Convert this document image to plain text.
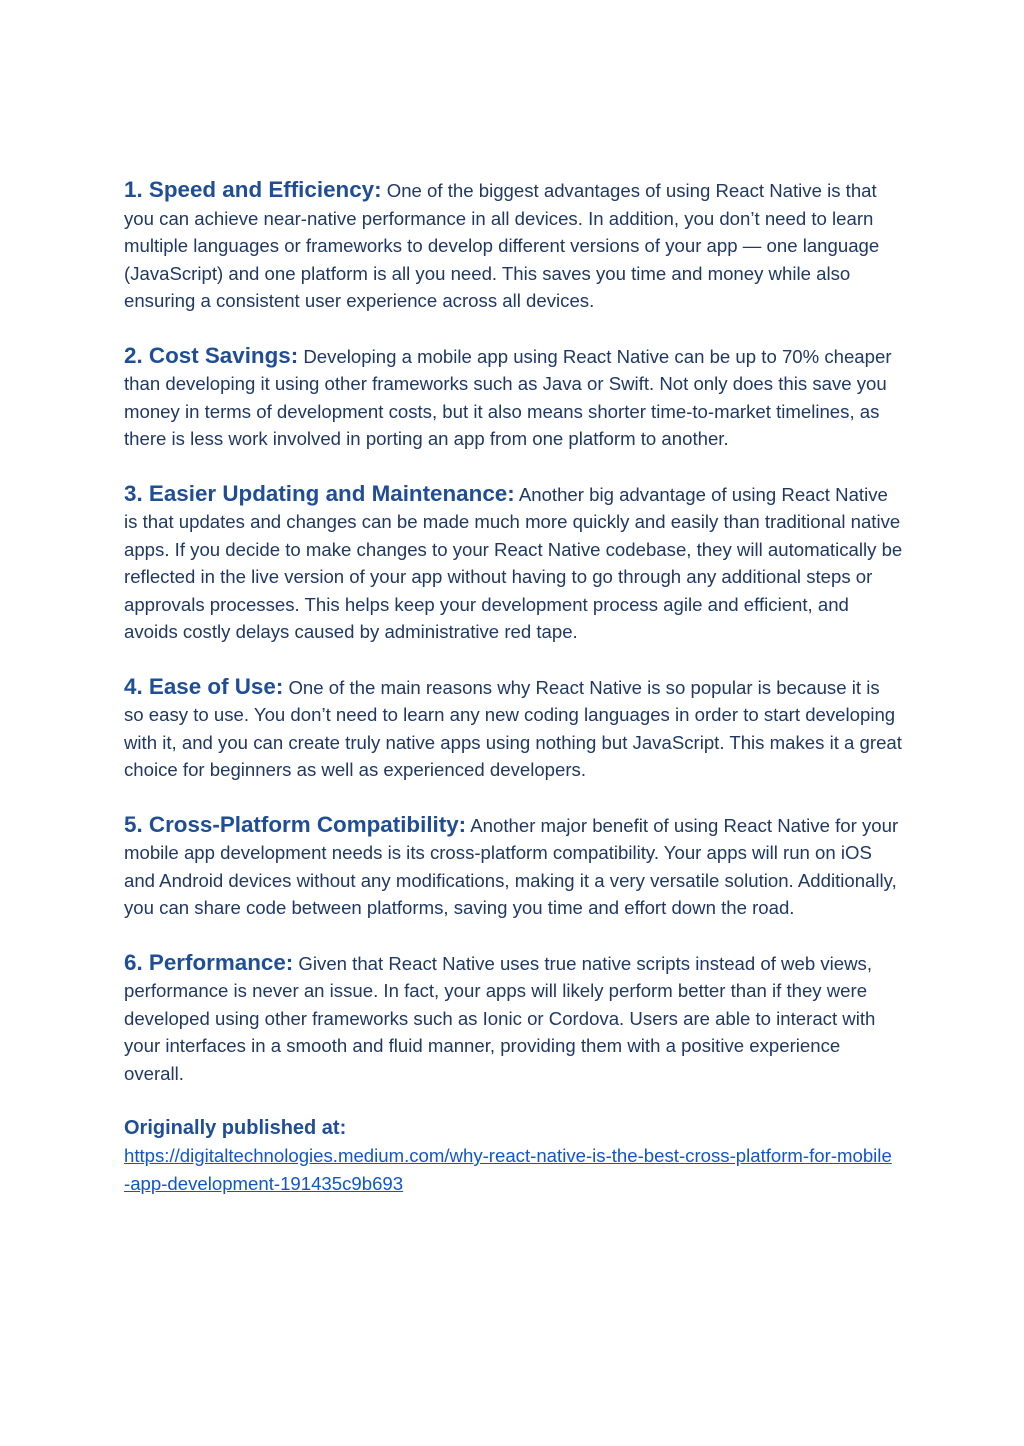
1. Speed and Efficiency: One of the biggest advantages of using React Native is that you can achieve near-native performance in all devices. In addition, you don’t need to learn multiple languages or frameworks to develop different versions of your app — one language (JavaScript) and one platform is all you need. This saves you time and money while also ensuring a consistent user experience across all devices.

2. Cost Savings: Developing a mobile app using React Native can be up to 70% cheaper than developing it using other frameworks such as Java or Swift. Not only does this save you money in terms of development costs, but it also means shorter time-to-market timelines, as there is less work involved in porting an app from one platform to another.

3. Easier Updating and Maintenance: Another big advantage of using React Native is that updates and changes can be made much more quickly and easily than traditional native apps. If you decide to make changes to your React Native codebase, they will automatically be reflected in the live version of your app without having to go through any additional steps or approvals processes. This helps keep your development process agile and efficient, and avoids costly delays caused by administrative red tape.

4. Ease of Use: One of the main reasons why React Native is so popular is because it is so easy to use. You don’t need to learn any new coding languages in order to start developing with it, and you can create truly native apps using nothing but JavaScript. This makes it a great choice for beginners as well as experienced developers.

5. Cross-Platform Compatibility: Another major benefit of using React Native for your mobile app development needs is its cross-platform compatibility. Your apps will run on iOS and Android devices without any modifications, making it a very versatile solution. Additionally, you can share code between platforms, saving you time and effort down the road.

6. Performance: Given that React Native uses true native scripts instead of web views, performance is never an issue. In fact, your apps will likely perform better than if they were developed using other frameworks such as Ionic or Cordova. Users are able to interact with your interfaces in a smooth and fluid manner, providing them with a positive experience overall.

Originally published at:

https://digitaltechnologies.medium.com/why-react-native-is-the-best-cross-platform-for-mobile-app-development-191435c9b693
